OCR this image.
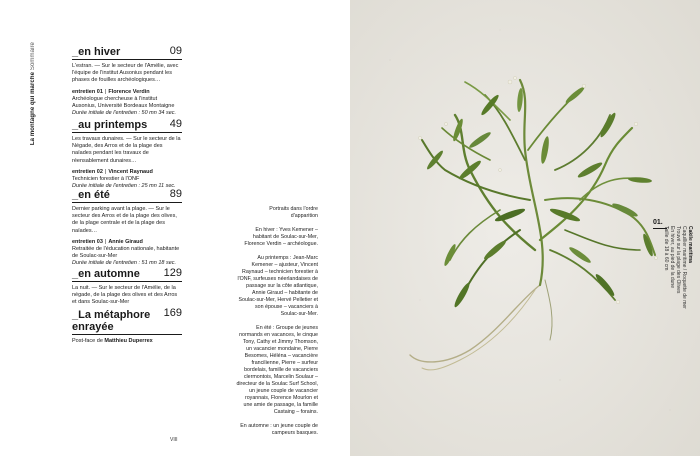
La montagne qui marche Sommaire	_en hiver	09
L'estran. — Sur le secteur de l'Amélie, avec l'équipe de l'institut Ausonius pendant les phases de fouilles archéologiques…
entretien 01 | Florence Verdin
Archéologue chercheuse à l'institut Ausonius, Université Bordeaux Montaigne
Durée initiale de l'entretien : 50 mn 34 sec.
_au printemps 49
Les travaux dunaires. — Sur le secteur de la Négade, des Arros et de la plage des naïades pendant les travaux de réensablement dunaires…
entretien 02 | Vincent Raynaud
Technicien forestier à l'ONF
Durée initiale de l'entretien : 25 mn 11 sec.
_en été	89
Dernier parking avant la plage. — Sur le secteur des Arros et de la plage des olives, de la plage centrale et de la plage des naïades…
entretien 03 | Annie Giraud
Retraitée de l'éducation nationale, habitante de Soulac-sur-Mer
Durée initiale de l'entretien : 51 mn 18 sec.
_en automne 129
La nuit. — Sur le secteur de l'Amélie, de la négade, de la plage des olives et des Arros et dans Soulac-sur-Mer
_La métaphore
enrayée
169
Post-face de Matthieu Duperrex

Portraits dans l'ordre
d'apparition

En hiver : Yves Kemener – habitant de Soulac-sur-Mer, Florence Verdin – archéologue.

Au printemps : Jean-Marc Kemener – ajusteur, Vincent Raynaud – technicien forestier à l'ONF, surfeuses néerlandaises de passage sur la côte atlantique, Annie Giraud – habitante de Soulac-sur-Mer, Hervé Pelletier et son épouse – vacanciers à Soulac-sur-Mer.

En été : Groupe de jeunes normands en vacances, le cinque Tony, Cathy et Jimmy Thomson, un vacancier mondaine, Pierre Besomes, Héléna – vacancière francilienne, Pierre – surfeur bordelais, famille de vacanciers clermontois, Marcelin Soulaur – directeur de la Soulac Surf School, un jeune couple de vacancier royannais, Florence Mourlon et une amie de passage, la famille Castaing – forains.

En automne : un jeune couple de campeurs basques.

VIII
01.
Cakile maritima
Caquillier maritime / Roquette de mer
Trouvé sur la plage des Olives
En hiver, au pied de la dune
Taille de 18 à 60 cm
